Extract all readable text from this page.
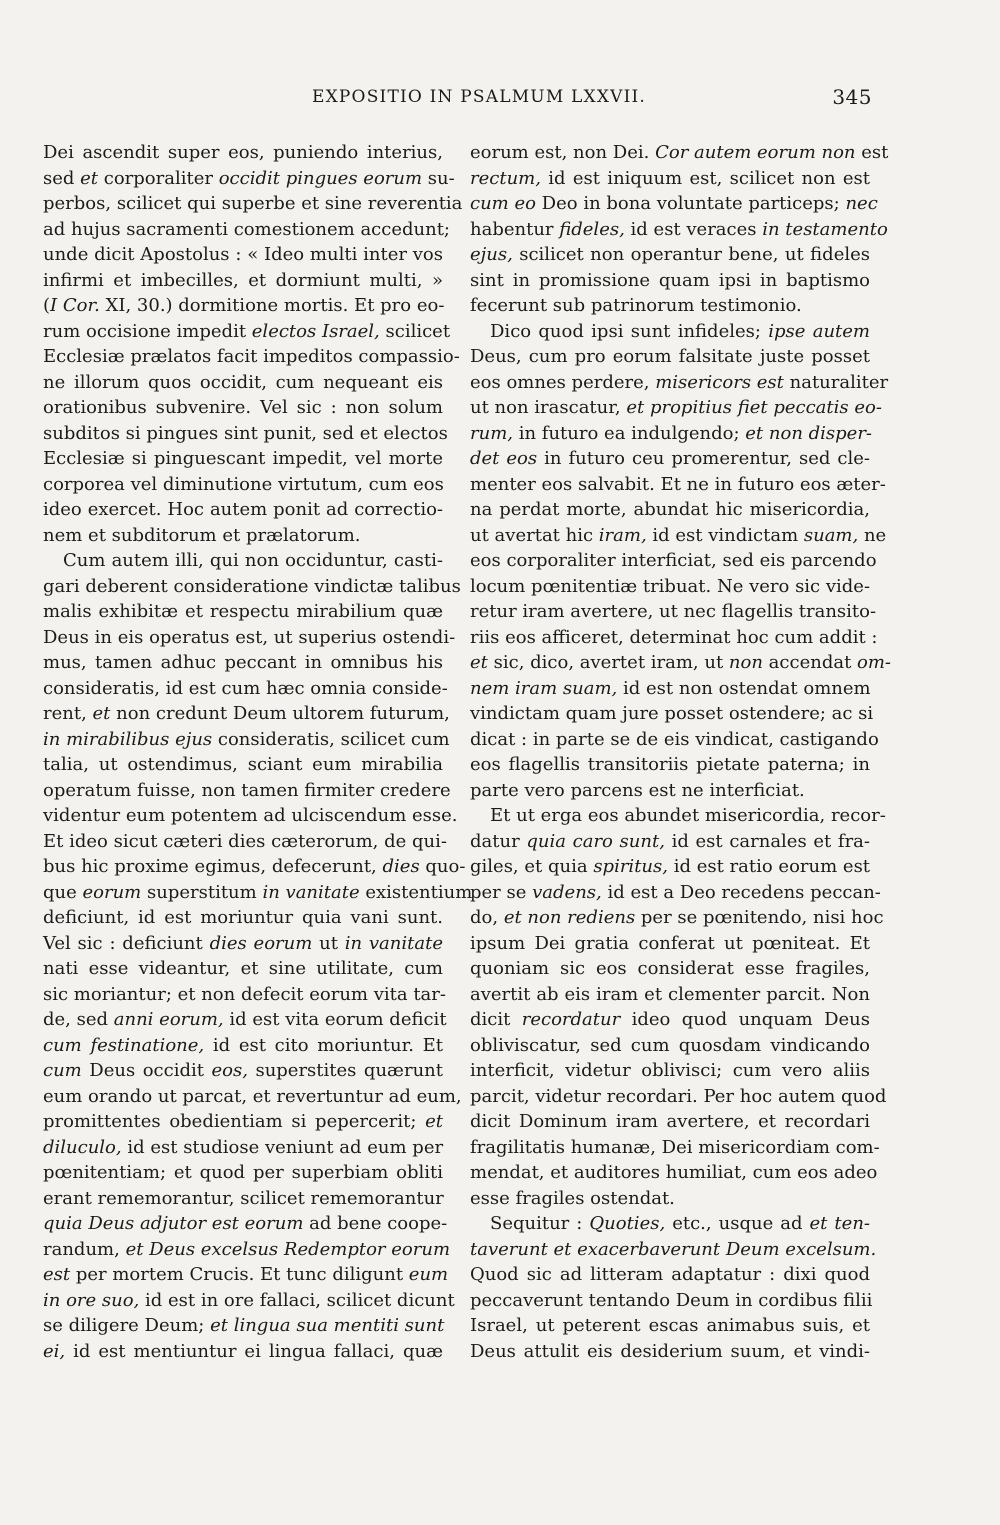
EXPOSITIO IN PSALMUM LXXVII.	345
Dei ascendit super eos, puniendo interius,
sed et corporaliter occidit pingues eorum su-
perbos, scilicet qui superbe et sine reverentia
ad hujus sacramenti comestionem accedunt;
unde dicit Apostolus : « Ideo multi inter vos
infirmi et imbecilles, et dormiunt multi, »
(I Cor. XI, 30.) dormitione mortis. Et pro eo-
rum occisione impedit electos Israel, scilicet
Ecclesiæ prælatos facit impeditos compassio-
ne illorum quos occidit, cum nequeant eis
orationibus subvenire. Vel sic : non solum
subditos si pingues sint punit, sed et electos
Ecclesiæ si pinguescant impedit, vel morte
corporea vel diminutione virtutum, cum eos
ideo exercet. Hoc autem ponit ad correctio-
nem et subditorum et prælatorum.
Cum autem illi, qui non occiduntur, casti-
gari deberent consideratione vindictæ talibus
malis exhibitæ et respectu mirabilium quæ
Deus in eis operatus est, ut superius ostendi-
mus, tamen adhuc peccant in omnibus his
consideratis, id est cum hæc omnia conside-
rent, et non credunt Deum ultorem futurum,
in mirabilibus ejus consideratis, scilicet cum
talia, ut ostendimus, sciant eum mirabilia
operatum fuisse, non tamen firmiter credere
videntur eum potentem ad ulciscendum esse.
Et ideo sicut cæteri dies cæterorum, de qui-
bus hic proxime egimus, defecerunt, dies quo-
que eorum superstitum in vanitate existentium
deficiunt, id est moriuntur quia vani sunt.
Vel sic : deficiunt dies eorum ut in vanitate
nati esse videantur, et sine utilitate, cum
sic moriantur; et non defecit eorum vita tar-
de, sed anni eorum, id est vita eorum deficit
cum festinatione, id est cito moriuntur. Et
cum Deus occidit eos, superstites quærunt
eum orando ut parcat, et revertuntur ad eum,
promittentes obedientiam si pepercerit; et
diluculo, id est studiose veniunt ad eum per
pœnitentiam; et quod per superbiam obliti
erant rememorantur, scilicet rememorantur
quia Deus adjutor est eorum ad bene coope-
randum, et Deus excelsus Redemptor eorum
est per mortem Crucis. Et tunc diligunt eum
in ore suo, id est in ore fallaci, scilicet dicunt
se diligere Deum; et lingua sua mentiti sunt
ei, id est mentiuntur ei lingua fallaci, quæ
eorum est, non Dei. Cor autem eorum non est
rectum, id est iniquum est, scilicet non est
cum eo Deo in bona voluntate particeps; nec
habentur fideles, id est veraces in testamento
ejus, scilicet non operantur bene, ut fideles
sint in promissione quam ipsi in baptismo
fecerunt sub patrinorum testimonio.
Dico quod ipsi sunt infideles; ipse autem
Deus, cum pro eorum falsitate juste posset
eos omnes perdere, misericors est naturaliter
ut non irascatur, et propitius fiet peccatis eo-
rum, in futuro ea indulgendo; et non disper-
det eos in futuro ceu promerentur, sed cle-
menter eos salvabit. Et ne in futuro eos æter-
na perdat morte, abundat hic misericordia,
ut avertat hic iram, id est vindictam suam, ne
eos corporaliter interficiat, sed eis parcendo
locum pœnitentiæ tribuat. Ne vero sic vide-
retur iram avertere, ut nec flagellis transito-
riis eos afficeret, determinat hoc cum addit :
et sic, dico, avertet iram, ut non accendat om-
nem iram suam, id est non ostendat omnem
vindictam quam jure posset ostendere; ac si
dicat : in parte se de eis vindicat, castigando
eos flagellis transitoriis pietate paterna; in
parte vero parcens est ne interficiat.
Et ut erga eos abundet misericordia, recor-
datur quia caro sunt, id est carnales et fra-
giles, et quia spiritus, id est ratio eorum est
per se vadens, id est a Deo recedens peccan-
do, et non rediens per se pœnitendo, nisi hoc
ipsum Dei gratia conferat ut pœniteat. Et
quoniam sic eos considerat esse fragiles,
avertit ab eis iram et clementer parcit. Non
dicit recordatur ideo quod unquam Deus
obliviscatur, sed cum quosdam vindicando
interficit, videtur oblivisci; cum vero aliis
parcit, videtur recordari. Per hoc autem quod
dicit Dominum iram avertere, et recordari
fragilitatis humanæ, Dei misericordiam com-
mendat, et auditores humiliat, cum eos adeo
esse fragiles ostendat.
Sequitur : Quoties, etc., usque ad et ten-
taverunt et exacerbaverunt Deum excelsum.
Quod sic ad litteram adaptatur : dixi quod
peccaverunt tentando Deum in cordibus filii
Israel, ut peterent escas animabus suis, et
Deus attulit eis desiderium suum, et vindi-
